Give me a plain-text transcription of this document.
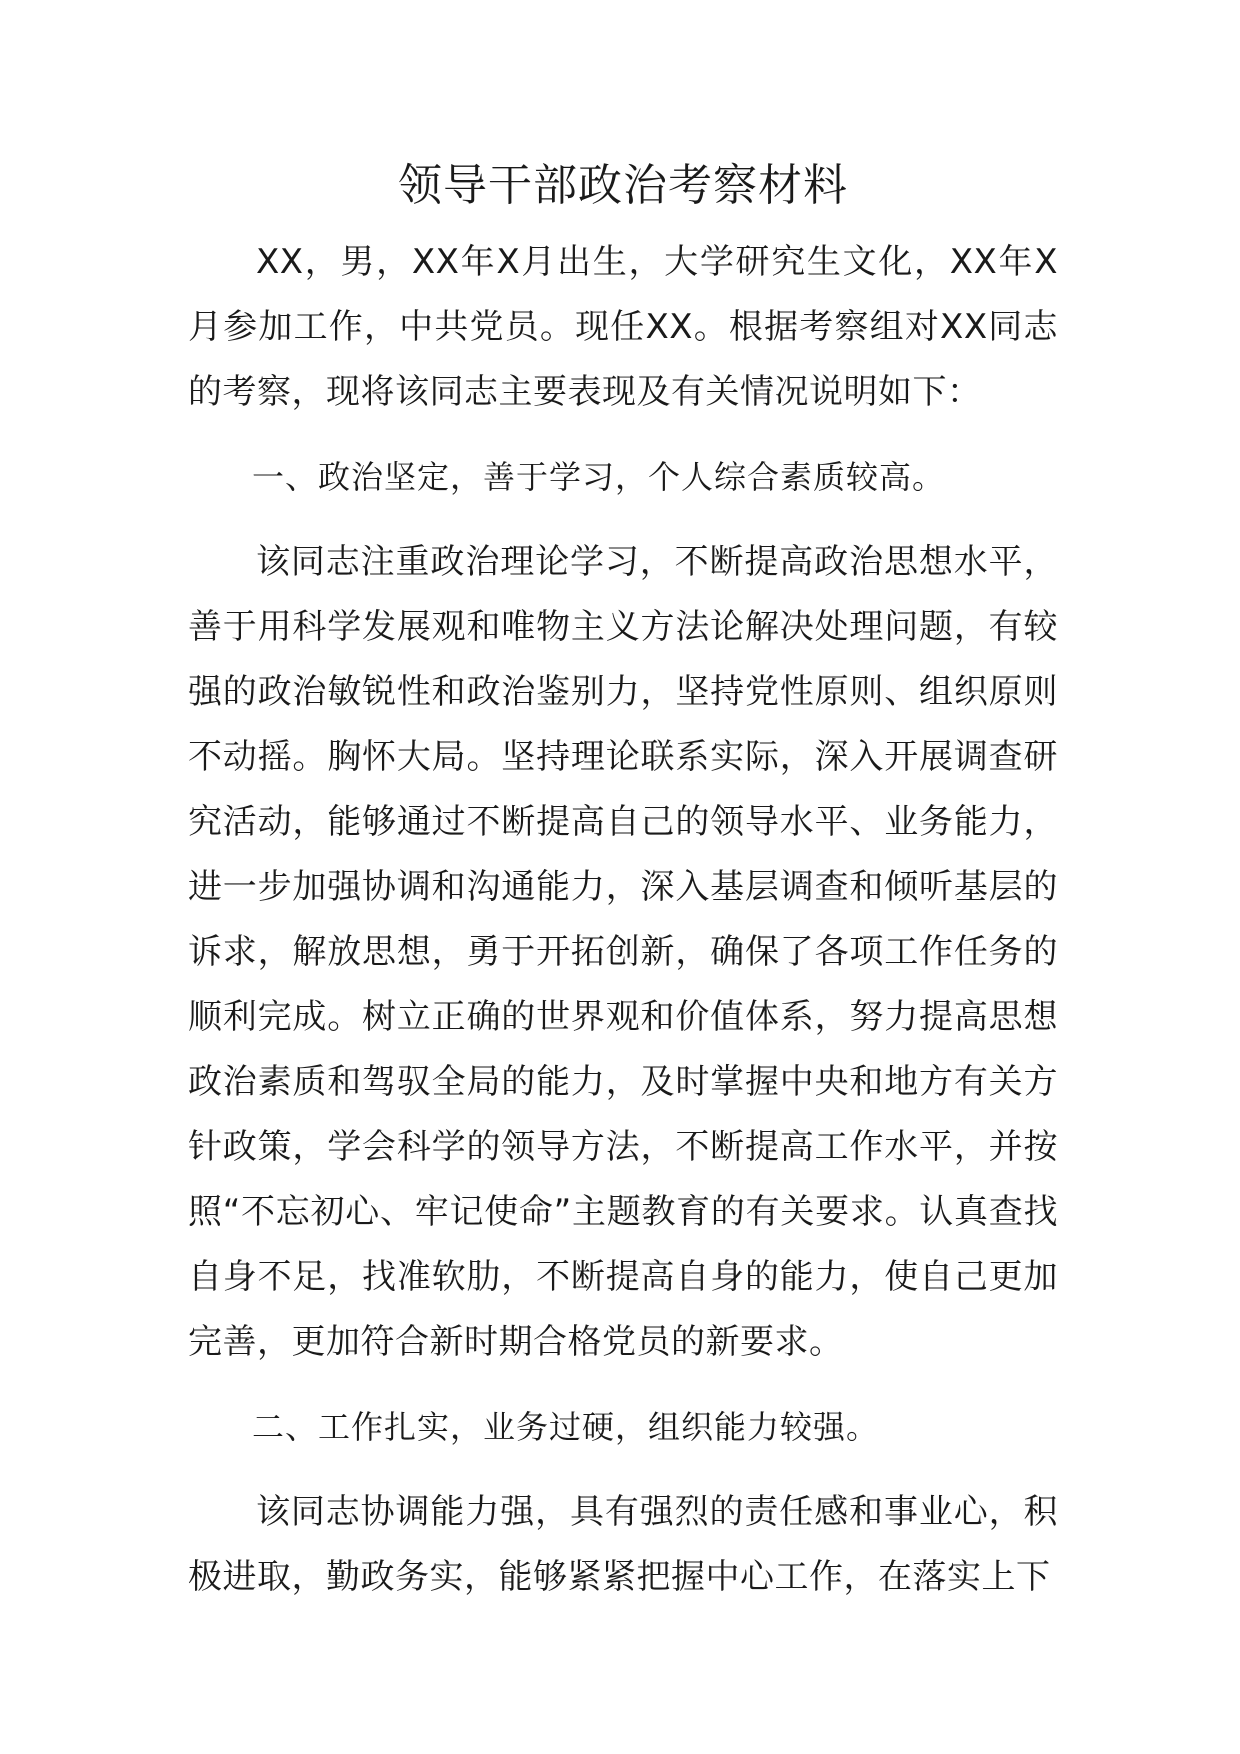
领导干部政治考察材料

XX，男，XX年X月出生，大学研究生文化，XX年X月参加工作，中共党员。现任XX。根据考察组对XX同志的考察，现将该同志主要表现及有关情况说明如下：

一、政治坚定，善于学习，个人综合素质较高。

该同志注重政治理论学习，不断提高政治思想水平，善于用科学发展观和唯物主义方法论解决处理问题，有较强的政治敏锐性和政治鉴别力，坚持党性原则、组织原则不动摇。胸怀大局。坚持理论联系实际，深入开展调查研究活动，能够通过不断提高自己的领导水平、业务能力，进一步加强协调和沟通能力，深入基层调查和倾听基层的诉求，解放思想，勇于开拓创新，确保了各项工作任务的顺利完成。树立正确的世界观和价值体系，努力提高思想政治素质和驾驭全局的能力，及时掌握中央和地方有关方针政策，学会科学的领导方法，不断提高工作水平，并按照“不忘初心、牢记使命”主题教育的有关要求。认真查找自身不足，找准软肋，不断提高自身的能力，使自己更加完善，更加符合新时期合格党员的新要求。

二、工作扎实，业务过硬，组织能力较强。

该同志协调能力强，具有强烈的责任感和事业心，积极进取，勤政务实，能够紧紧把握中心工作，在落实上下
